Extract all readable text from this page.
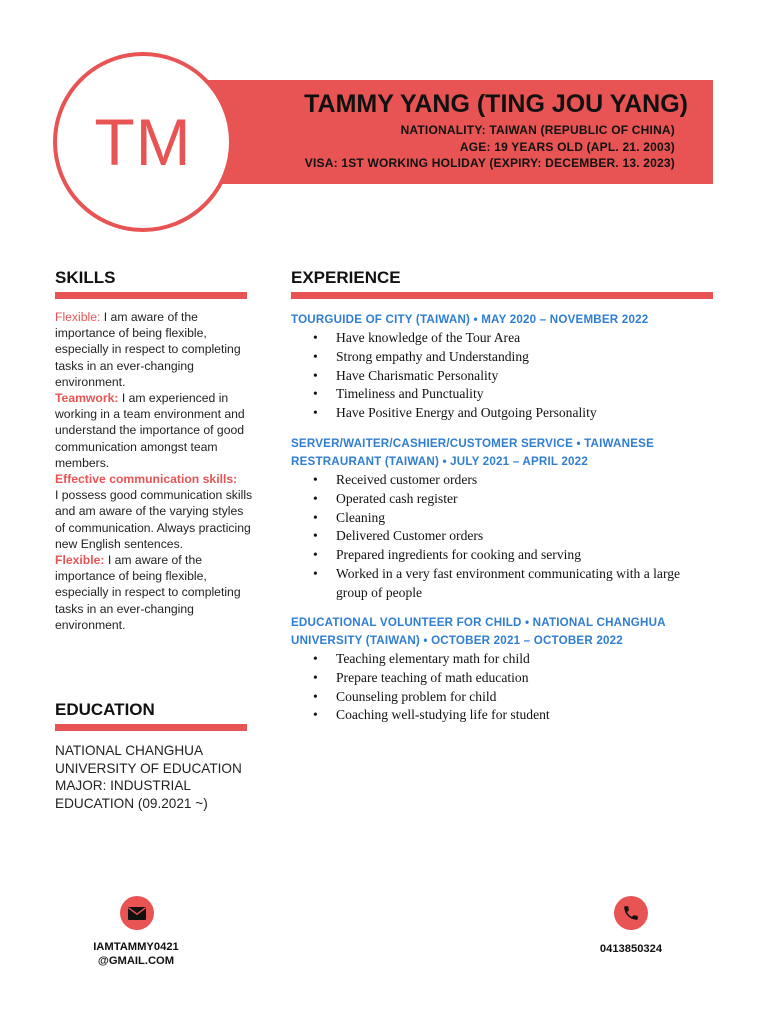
TM
TAMMY YANG (TING JOU YANG)
NATIONALITY: TAIWAN (REPUBLIC OF CHINA)
AGE: 19 YEARS OLD (APL. 21. 2003)
VISA: 1ST WORKING HOLIDAY (EXPIRY: DECEMBER. 13. 2023)
SKILLS
Flexible: I am aware of the importance of being flexible, especially in respect to completing tasks in an ever-changing environment.
Teamwork: I am experienced in working in a team environment and understand the importance of good communication amongst team members.
Effective communication skills:
I possess good communication skills and am aware of the varying styles of communication. Always practicing new English sentences.
Flexible: I am aware of the importance of being flexible, especially in respect to completing tasks in an ever-changing environment.
EDUCATION
NATIONAL CHANGHUA UNIVERSITY OF EDUCATION MAJOR: INDUSTRIAL EDUCATION (09.2021 ~)
EXPERIENCE
TOURGUIDE OF CITY (TAIWAN) • MAY 2020 – NOVEMBER 2022
• Have knowledge of the Tour Area
• Strong empathy and Understanding
• Have Charismatic Personality
• Timeliness and Punctuality
• Have Positive Energy and Outgoing Personality
SERVER/WAITER/CASHIER/CUSTOMER SERVICE • TAIWANESE RESTRAURANT (TAIWAN) • JULY 2021 – APRIL 2022
• Received customer orders
• Operated cash register
• Cleaning
• Delivered Customer orders
• Prepared ingredients for cooking and serving
• Worked in a very fast environment communicating with a large group of people
EDUCATIONAL VOLUNTEER FOR CHILD • NATIONAL CHANGHUA UNIVERSITY (TAIWAN) • OCTOBER 2021 – OCTOBER 2022
• Teaching elementary math for child
• Prepare teaching of math education
• Counseling problem for child
• Coaching well-studying life for student
IAMTAMMY0421
@GMAIL.COM
0413850324
